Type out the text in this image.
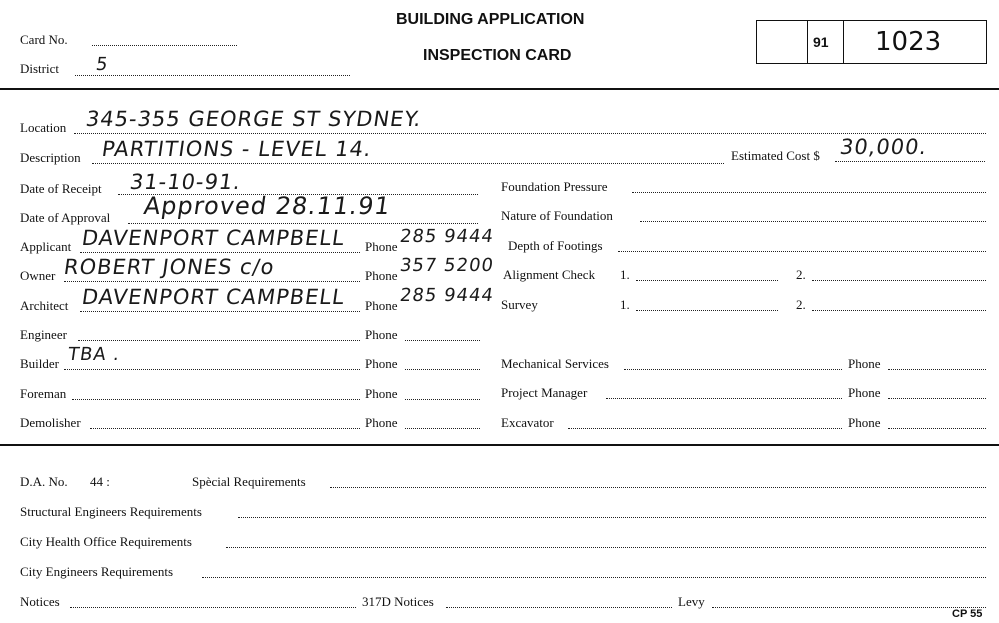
Card No.
District 5
BUILDING APPLICATION
INSPECTION CARD
91 1023
Location 345-355 GEORGE ST SYDNEY.
Description PARTITIONS - LEVEL 14.	Estimated Cost $ 30,000.
Date of Receipt 31-10-91.
Date of Approval Approved 28.11.91
Applicant DAVENPORT CAMPBELL Phone 285 9444
Owner ROBERT JONES c/o	Phone 357 5200
Architect DAVENPORT CAMPBELL Phone 285 9444
Engineer	Phone
Builder TBA .	Phone
Foreman	Phone
Demolisher	Phone
Foundation Pressure
Nature of Foundation
Depth of Footings
Alignment Check 1.	2.
Survey	1.	2.
Mechanical Services	Phone
Project Manager	Phone
Excavator	Phone
D.A. No. 44 :	Spècial Requirements
Structural Engineers Requirements
City Health Office Requirements
City Engineers Requirements
Notices	317D Notices	Levy
CP 55
